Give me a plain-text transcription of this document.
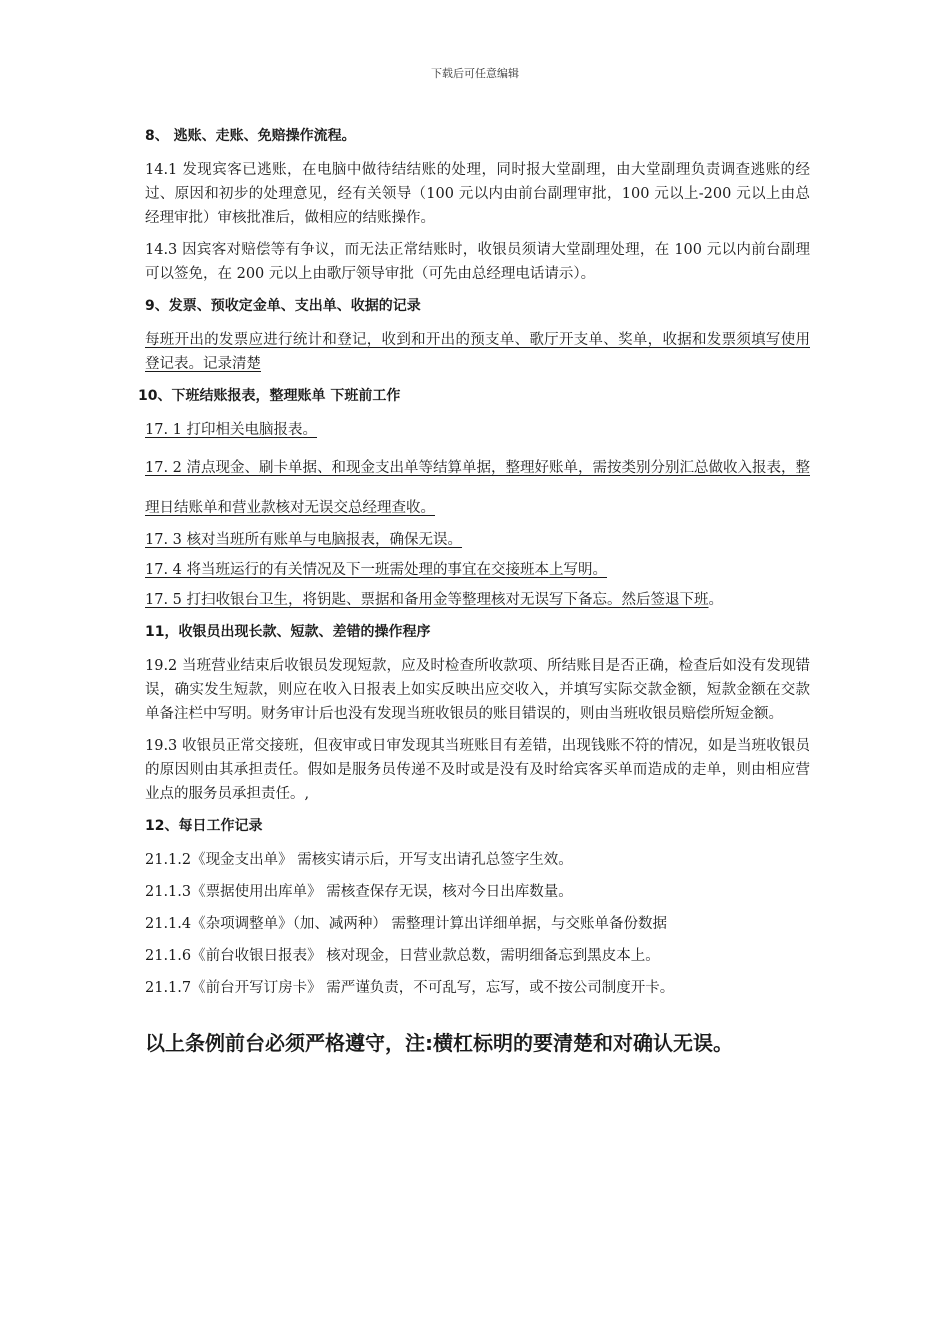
下载后可任意编辑
8、 逃账、走账、免赔操作流程。

14.1 发现宾客已逃账，在电脑中做待结结账的处理，同时报大堂副理，由大堂副理负责调查逃账的经过、原因和初步的处理意见，经有关领导（100 元以内由前台副理审批，100 元以上-200 元以上由总经理审批）审核批准后，做相应的结账操作。

14.3 因宾客对赔偿等有争议，而无法正常结账时，收银员须请大堂副理处理，在 100 元以内前台副理可以签免，在 200 元以上由歌厅领导审批（可先由总经理电话请示）。

9、发票、预收定金单、支出单、收据的记录

每班开出的发票应进行统计和登记，收到和开出的预支单、歌厅开支单、奖单，收据和发票须填写使用登记表。记录清楚

10、下班结账报表，整理账单 下班前工作

17. 1 打印相关电脑报表。

17. 2 清点现金、刷卡单据、和现金支出单等结算单据，整理好账单，需按类别分别汇总做收入报表，整理日结账单和营业款核对无误交总经理查收。

17. 3 核对当班所有账单与电脑报表，确保无误。

17. 4 将当班运行的有关情况及下一班需处理的事宜在交接班本上写明。

17. 5 打扫收银台卫生，将钥匙、票据和备用金等整理核对无误写下备忘。然后签退下班。

11，收银员出现长款、短款、差错的操作程序

19.2 当班营业结束后收银员发现短款，应及时检查所收款项、所结账目是否正确，检查后如没有发现错误，确实发生短款，则应在收入日报表上如实反映出应交收入，并填写实际交款金额，短款金额在交款单备注栏中写明。财务审计后也没有发现当班收银员的账目错误的，则由当班收银员赔偿所短金额。

19.3 收银员正常交接班，但夜审或日审发现其当班账目有差错，出现钱账不符的情况，如是当班收银员的原因则由其承担责任。假如是服务员传递不及时或是没有及时给宾客买单而造成的走单，则由相应营业点的服务员承担责任。,

12、每日工作记录

21.1.2《现金支出单》 需核实请示后，开写支出请孔总签字生效。

21.1.3《票据使用出库单》 需核查保存无误，核对今日出库数量。

21.1.4《杂项调整单》（加、减两种） 需整理计算出详细单据，与交账单备份数据

21.1.6《前台收银日报表》 核对现金，日营业款总数，需明细备忘到黑皮本上。

21.1.7《前台开写订房卡》 需严谨负责，不可乱写，忘写，或不按公司制度开卡。

以上条例前台必须严格遵守，注:横杠标明的要清楚和对确认无误。
